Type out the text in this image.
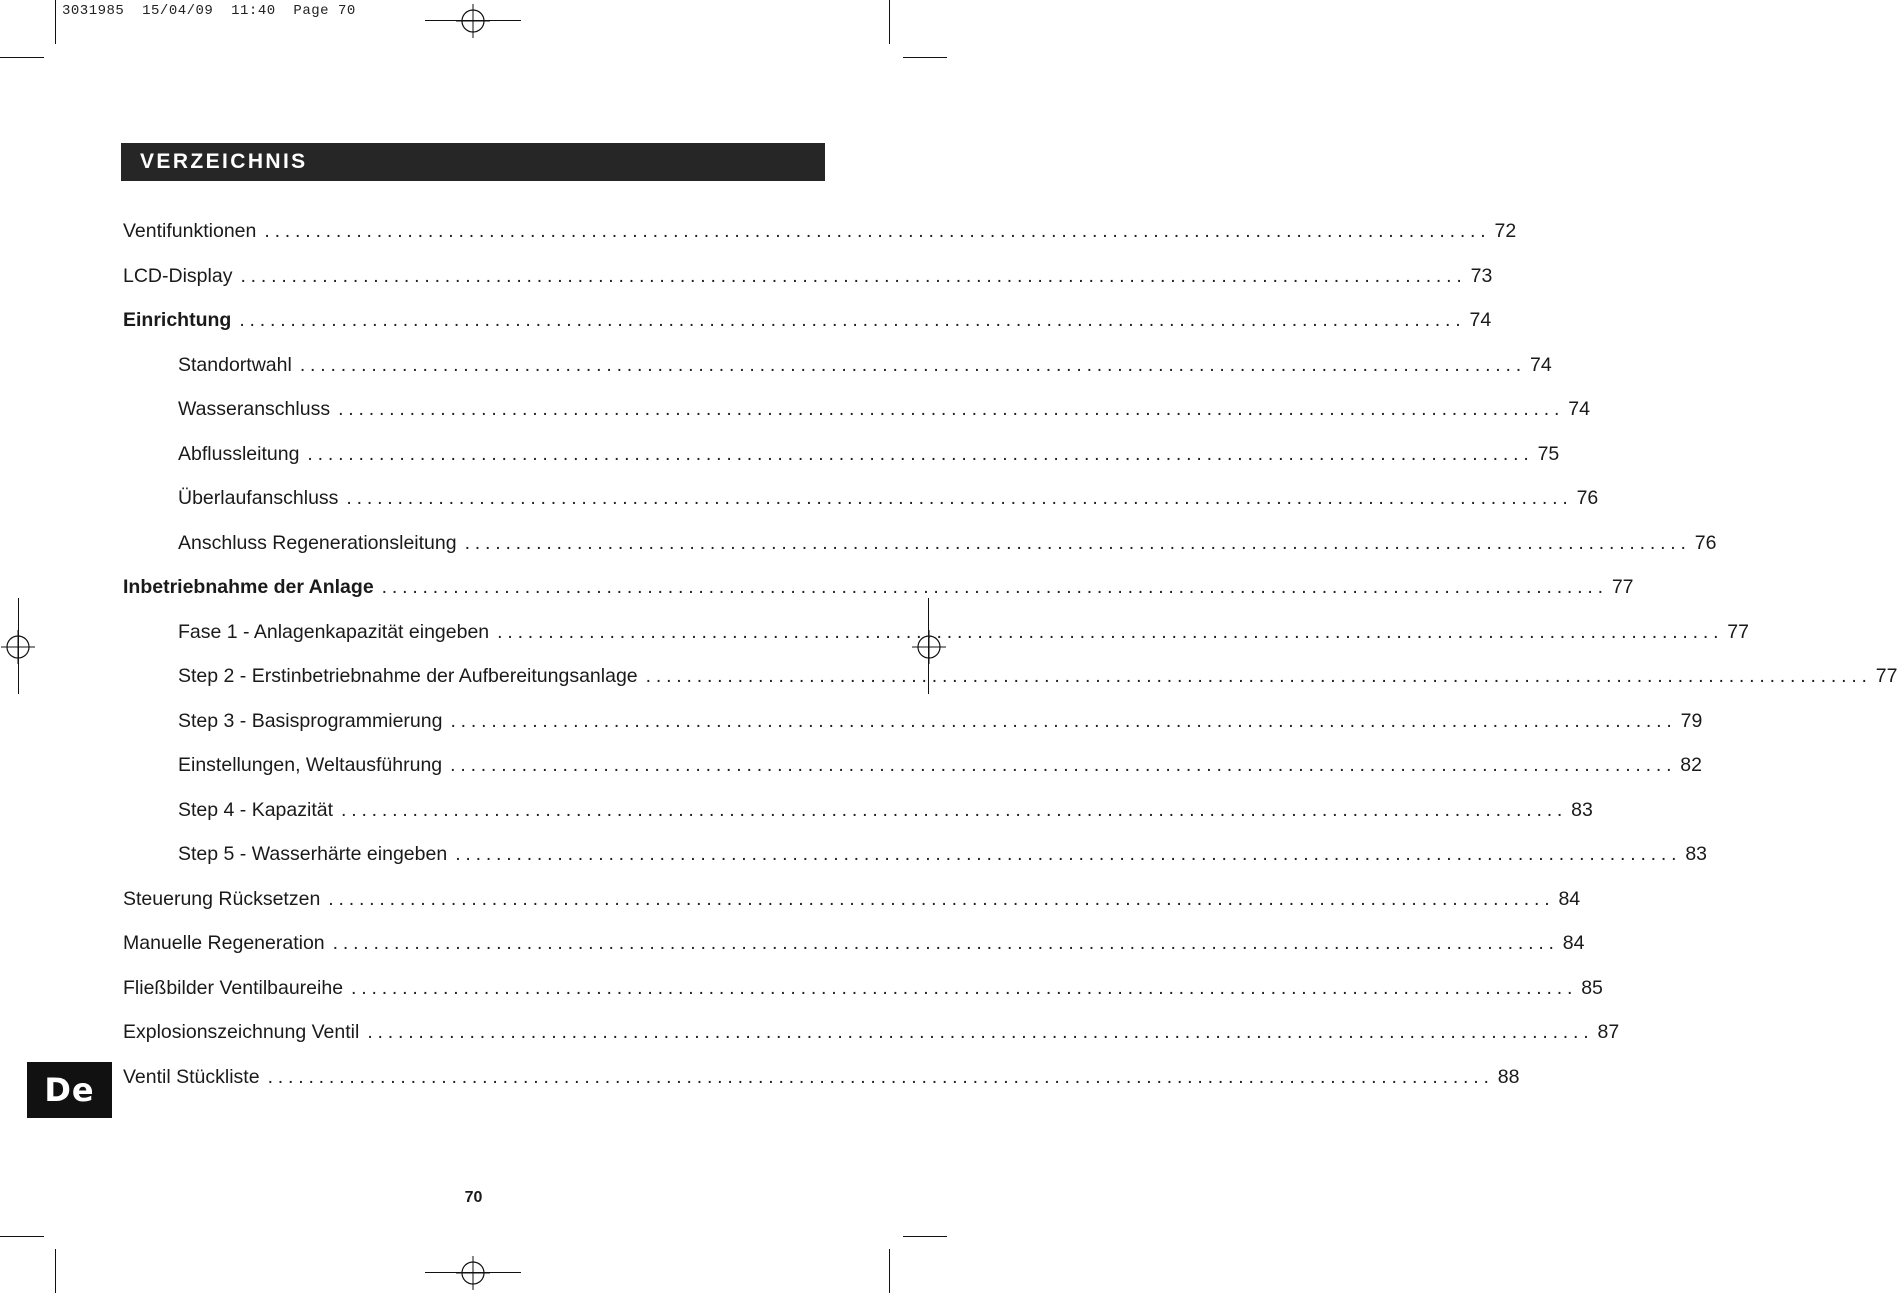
3031985  15/04/09  11:40  Page 70
VERZEICHNIS
Ventifunktionen ........................................................................................................................ 72
LCD-Display ........................................................................................................................ 73
Einrichtung ........................................................................................................................ 74
Standortwahl ........................................................................................................................ 74
Wasseranschluss ........................................................................................................................ 74
Abflussleitung ........................................................................................................................ 75
Überlaufanschluss ........................................................................................................................ 76
Anschluss Regenerationsleitung ........................................................................................................................ 76
Inbetriebnahme der Anlage ........................................................................................................................ 77
Fase 1 - Anlagenkapazität eingeben ........................................................................................................................ 77
Step 2 - Erstinbetriebnahme der Aufbereitungsanlage ........................................................................................................................ 77
Step 3 - Basisprogrammierung ........................................................................................................................ 79
Einstellungen, Weltausführung ........................................................................................................................ 82
Step 4 - Kapazität ........................................................................................................................ 83
Step 5 - Wasserhärte eingeben ........................................................................................................................ 83
Steuerung Rücksetzen ........................................................................................................................ 84
Manuelle Regeneration ........................................................................................................................ 84
Fließbilder Ventilbaureihe ........................................................................................................................ 85
Explosionszeichnung Ventil ........................................................................................................................ 87
Ventil Stückliste ........................................................................................................................ 88
De
70
